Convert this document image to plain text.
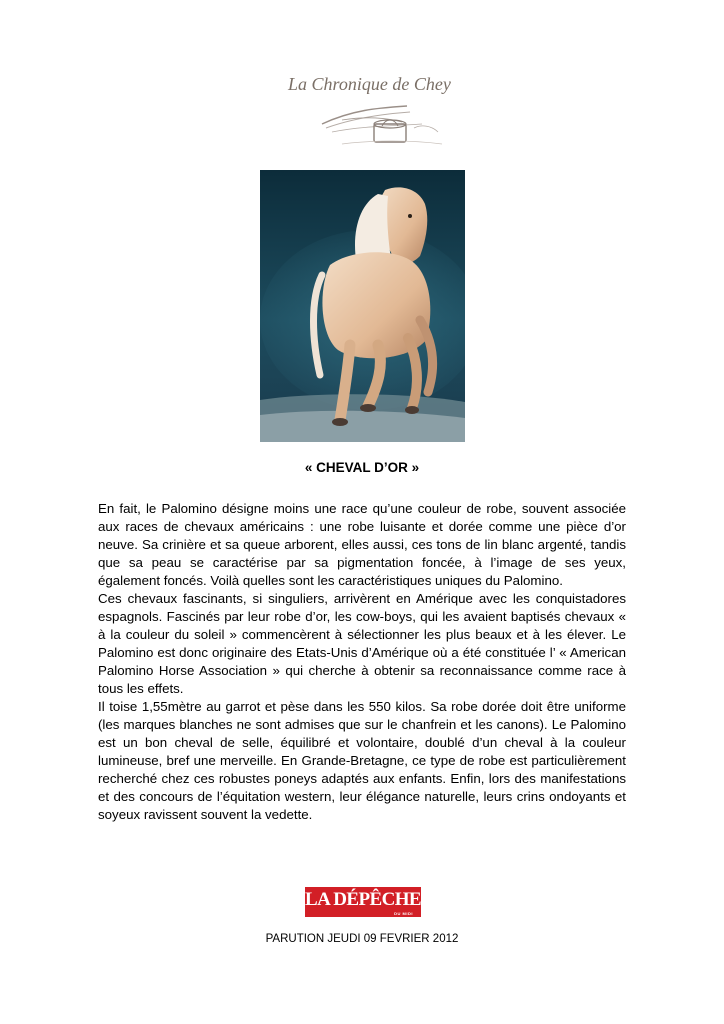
La Chronique de Chey
« CHEVAL D’OR »

En fait, le Palomino désigne moins une race qu’une couleur de robe, souvent associée aux races de chevaux américains : une robe luisante et dorée comme une pièce d’or neuve. Sa crinière et sa queue arborent, elles aussi, ces tons de lin blanc argenté, tandis que sa peau se caractérise par sa pigmentation foncée, à l’image de ses yeux, également foncés. Voilà quelles sont les caractéristiques uniques du Palomino.

Ces chevaux fascinants, si singuliers, arrivèrent en Amérique avec les conquistadores espagnols. Fascinés par leur robe d’or, les cow-boys, qui les avaient baptisés chevaux « à la couleur du soleil » commencèrent à sélectionner les plus beaux et à les élever. Le Palomino est donc originaire des Etats-Unis d’Amérique où a été constituée l’ « American Palomino Horse Association » qui cherche à obtenir sa reconnaissance comme race à tous les effets.

Il toise 1,55mètre au garrot et pèse dans les 550 kilos. Sa robe dorée doit être uniforme (les marques blanches ne sont admises que sur le chanfrein et les canons). Le Palomino est un bon cheval de selle, équilibré et volontaire, doublé d’un cheval à la couleur lumineuse, bref une merveille. En Grande-Bretagne, ce type de robe est particulièrement recherché chez ces robustes poneys adaptés aux enfants. Enfin, lors des manifestations et des concours de l’équitation western, leur élégance naturelle, leurs crins ondoyants et soyeux ravissent souvent la vedette.

LA DÉPÊCHE
DU MIDI
PARUTION JEUDI 09 FEVRIER 2012
